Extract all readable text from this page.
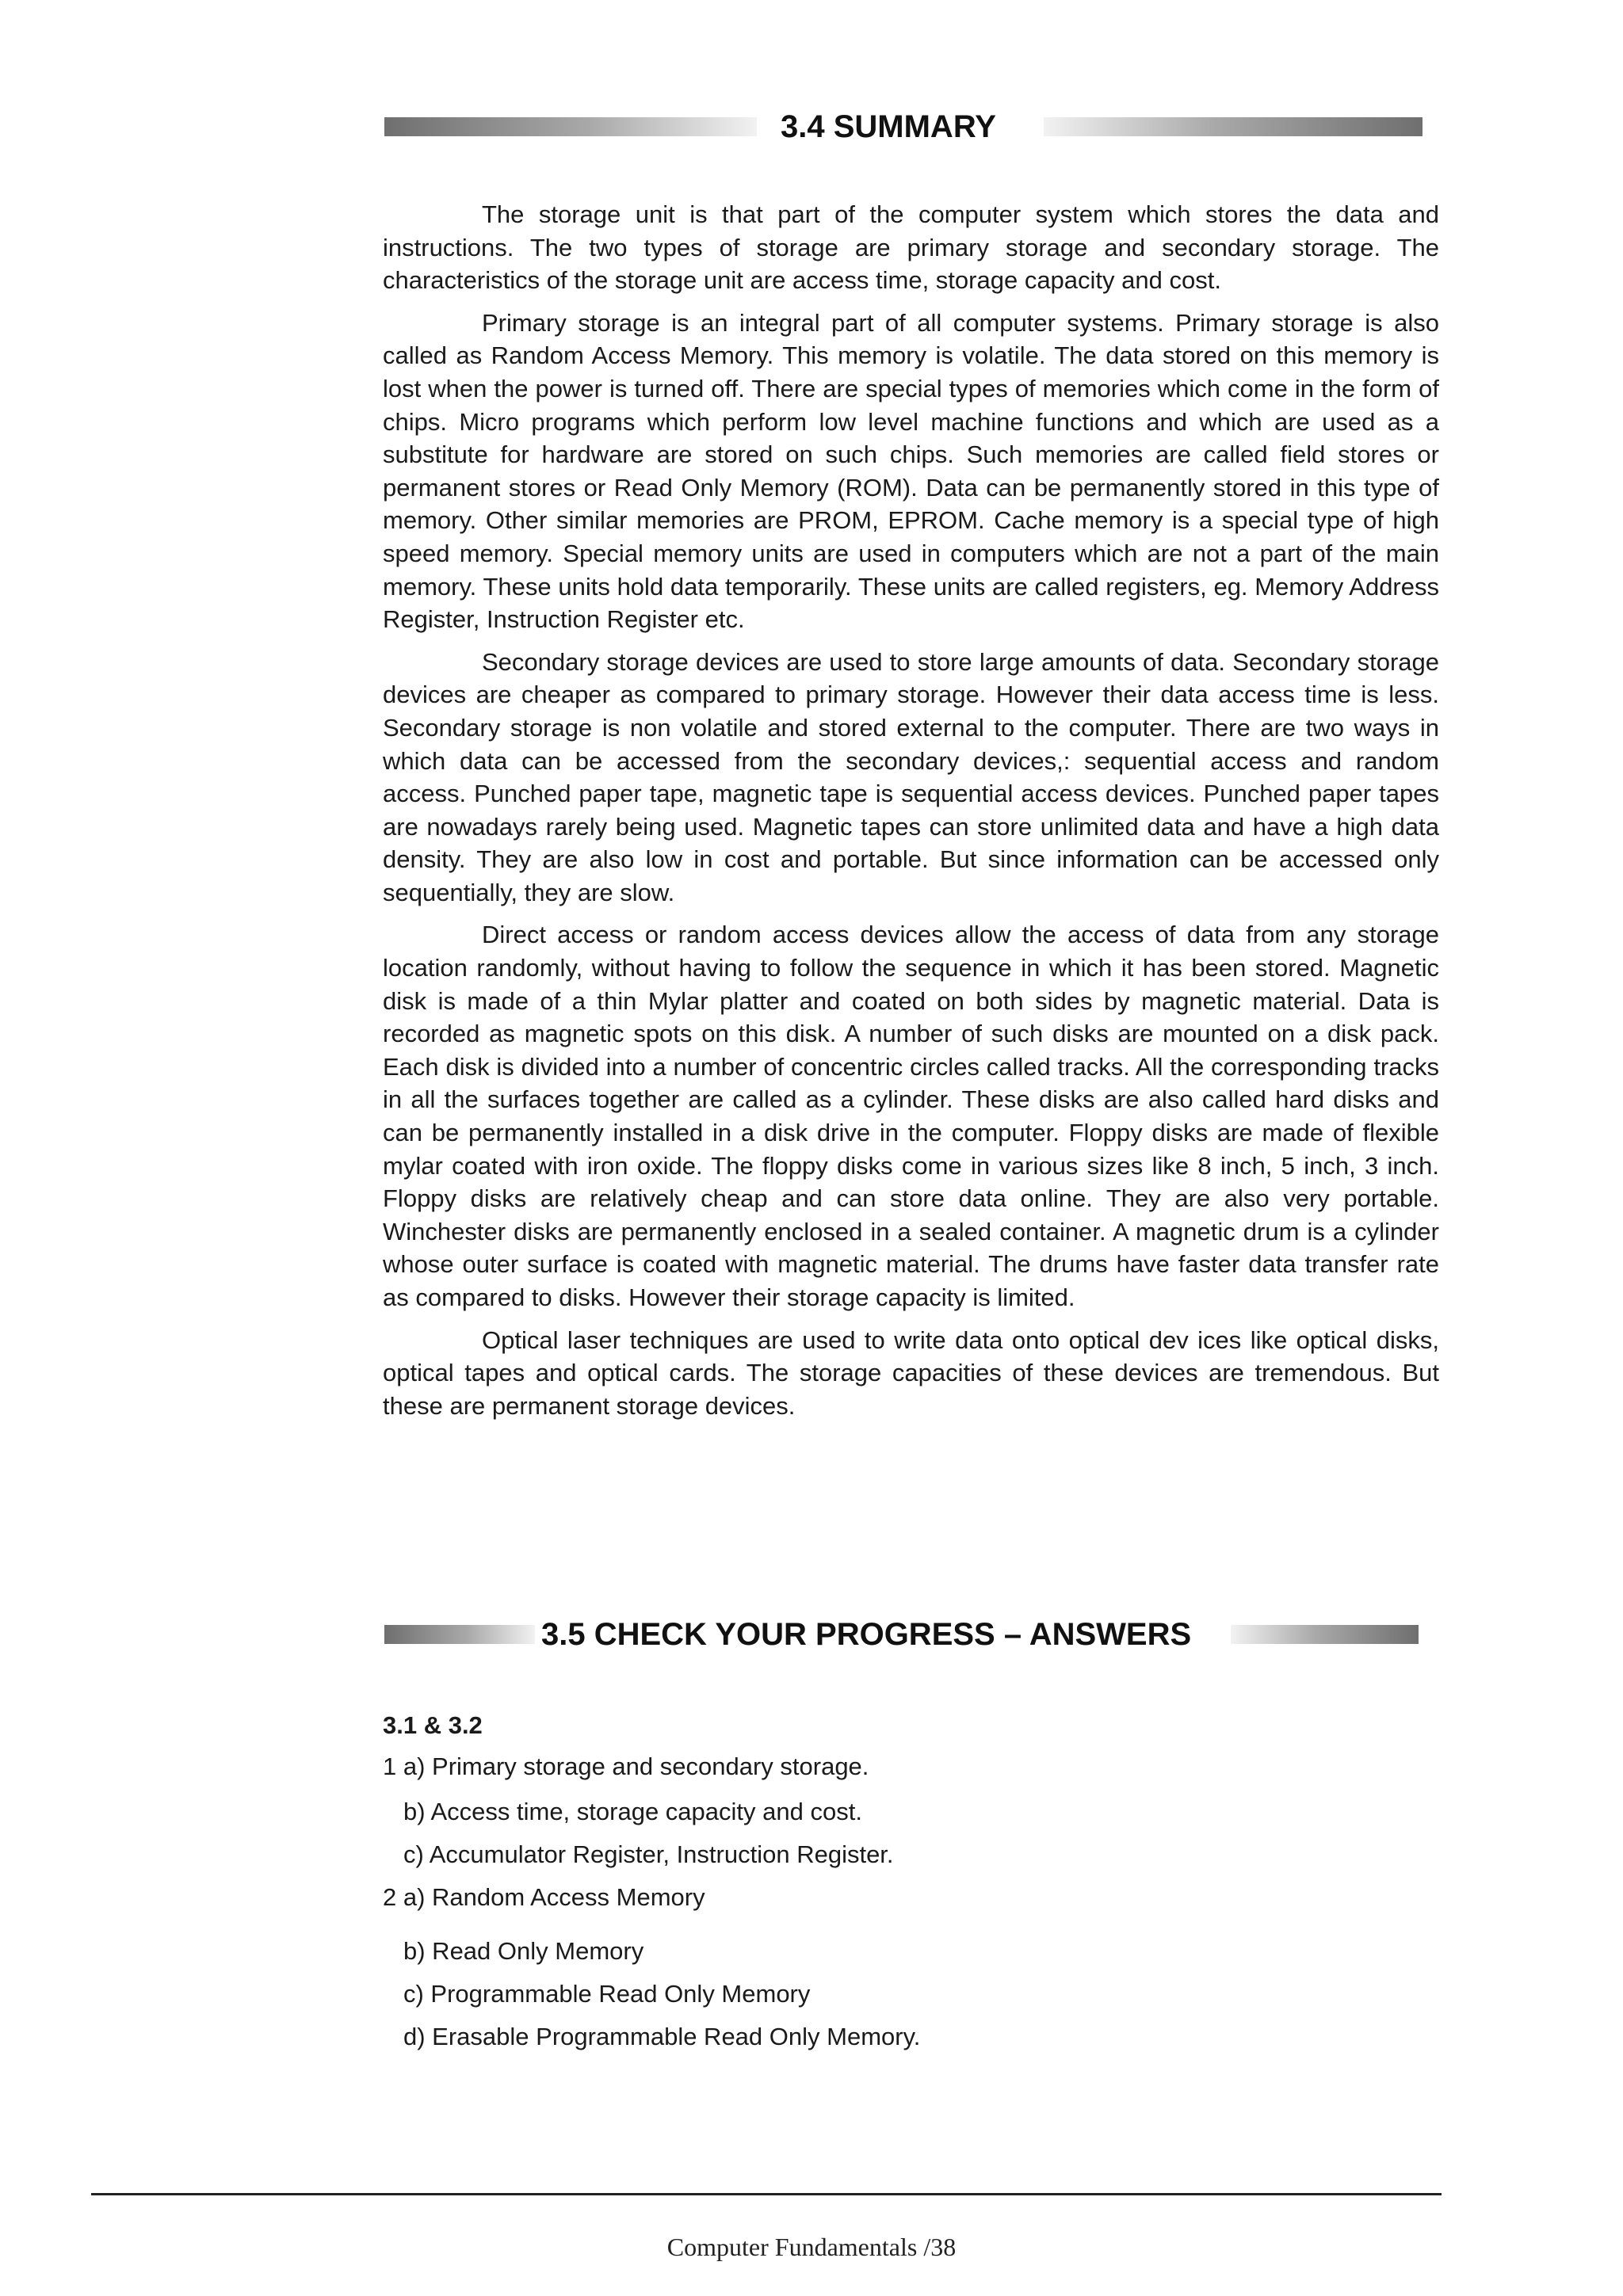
3.4 SUMMARY

The storage unit is that part of the computer system which stores the data and instructions. The two types of storage are primary storage and secondary storage. The characteristics of the storage unit are access time, storage capacity and cost.

Primary storage is an integral part of all computer systems. Primary storage is also called as Random Access Memory. This memory is volatile. The data stored on this memory is lost when the power is turned off. There are special types of memories which come in the form of chips. Micro programs which perform low level machine functions and which are used as a substitute for hardware are stored on such chips. Such memories are called field stores or permanent stores or Read Only Memory (ROM). Data can be permanently stored in this type of memory. Other similar memories are PROM, EPROM. Cache memory is a special type of high speed memory. Special memory units are used in computers which are not a part of the main memory. These units hold data temporarily. These units are called registers, eg. Memory Address Register, Instruction Register etc.

Secondary storage devices are used to store large amounts of data. Secondary storage devices are cheaper as compared to primary storage. However their data access time is less. Secondary storage is non volatile and stored external to the computer. There are two ways in which data can be accessed from the secondary devices,: sequential access and random access. Punched paper tape, magnetic tape is sequential access devices. Punched paper tapes are nowadays rarely being used. Magnetic tapes can store unlimited data and have a high data density. They are also low in cost and portable. But since information can be accessed only sequentially, they are slow.

Direct access or random access devices allow the access of data from any storage location randomly, without having to follow the sequence in which it has been stored. Magnetic disk is made of a thin Mylar platter and coated on both sides by magnetic material. Data is recorded as magnetic spots on this disk. A number of such disks are mounted on a disk pack. Each disk is divided into a number of concentric circles called tracks. All the corresponding tracks in all the surfaces together are called as a cylinder. These disks are also called hard disks and can be permanently installed in a disk drive in the computer. Floppy disks are made of flexible mylar coated with iron oxide. The floppy disks come in various sizes like 8 inch, 5 inch, 3 inch. Floppy disks are relatively cheap and can store data online. They are also very portable. Winchester disks are permanently enclosed in a sealed container. A magnetic drum is a cylinder whose outer surface is coated with magnetic material. The drums have faster data transfer rate as compared to disks. However their storage capacity is limited.

Optical laser techniques are used to write data onto optical dev ices like optical disks, optical tapes and optical cards. The storage capacities of these devices are tremendous. But these are permanent storage devices.

3.5 CHECK YOUR PROGRESS – ANSWERS
3.1 & 3.2
1 a) Primary storage and secondary storage.
b) Access time, storage capacity and cost.
c) Accumulator Register, Instruction Register.
2 a) Random Access Memory
b) Read Only Memory
c) Programmable Read Only Memory
d) Erasable Programmable Read Only Memory.
Computer Fundamentals /38
